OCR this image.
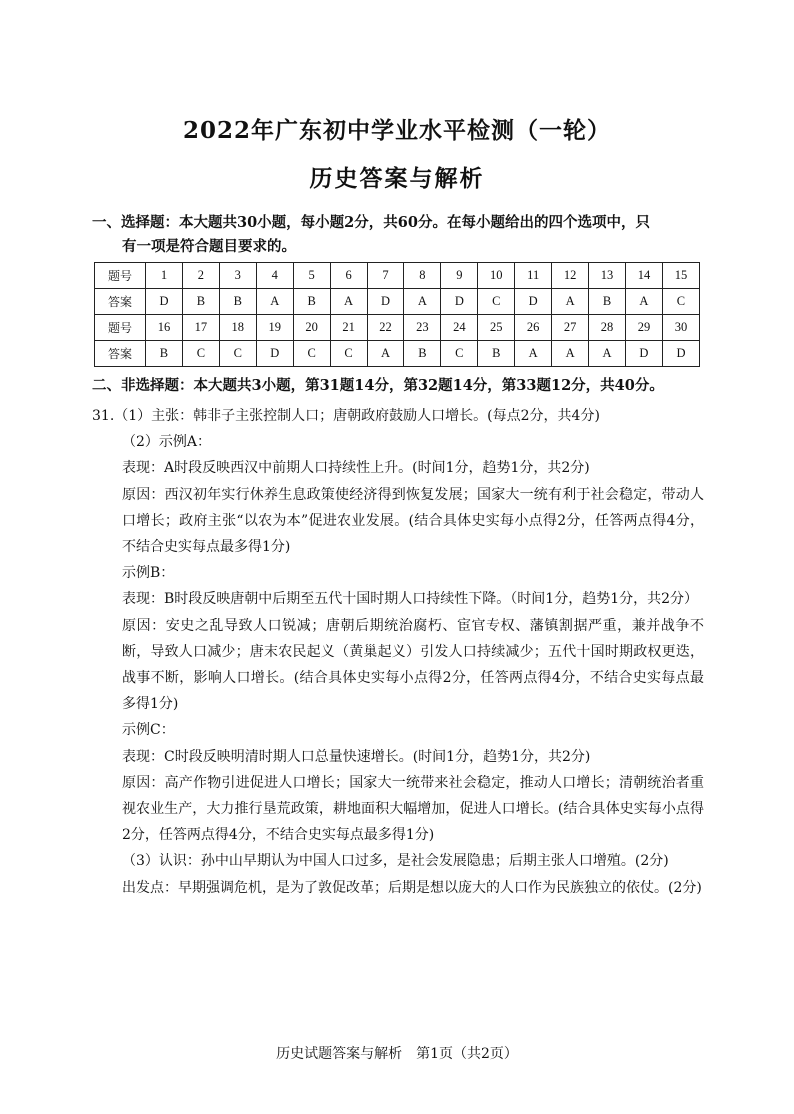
2022年广东初中学业水平检测（一轮）
历史答案与解析
一、选择题：本大题共30小题，每小题2分，共60分。在每小题给出的四个选项中，只
有一项是符合题目要求的。
题号	1	2	3	4	5	6	7	8	9	10	11	12	13	14	15
答案	D	B	B	A	B	A	D	A	D	C	D	A	B	A	C
题号	16	17	18	19	20	21	22	23	24	25	26	27	28	29	30
答案	B	C	C	D	C	C	A	B	C	B	A	A	A	D	D
二、非选择题：本大题共3小题，第31题14分，第32题14分，第33题12分，共40分。

31.（1）主张：韩非子主张控制人口；唐朝政府鼓励人口增长。(每点2分，共4分)

（2）示例A：

表现：A时段反映西汉中前期人口持续性上升。(时间1分，趋势1分，共2分)

原因：西汉初年实行休养生息政策使经济得到恢复发展；国家大一统有利于社会稳定，带动人口增长；政府主张“以农为本”促进农业发展。(结合具体史实每小点得2分，任答两点得4分，不结合史实每点最多得1分)

示例B：

表现：B时段反映唐朝中后期至五代十国时期人口持续性下降。（时间1分，趋势1分，共2分）

原因：安史之乱导致人口锐减；唐朝后期统治腐朽、宦官专权、藩镇割据严重，兼并战争不断，导致人口减少；唐末农民起义（黄巢起义）引发人口持续减少；五代十国时期政权更迭，战事不断，影响人口增长。(结合具体史实每小点得2分，任答两点得4分，不结合史实每点最多得1分)

示例C：

表现：C时段反映明清时期人口总量快速增长。(时间1分，趋势1分，共2分)

原因：高产作物引进促进人口增长；国家大一统带来社会稳定，推动人口增长；清朝统治者重视农业生产，大力推行垦荒政策，耕地面积大幅增加，促进人口增长。(结合具体史实每小点得2分，任答两点得4分，不结合史实每点最多得1分)

（3）认识：孙中山早期认为中国人口过多，是社会发展隐患；后期主张人口增殖。(2分)

出发点：早期强调危机，是为了敦促改革；后期是想以庞大的人口作为民族独立的依仗。(2分)

历史试题答案与解析　第1页（共2页）
